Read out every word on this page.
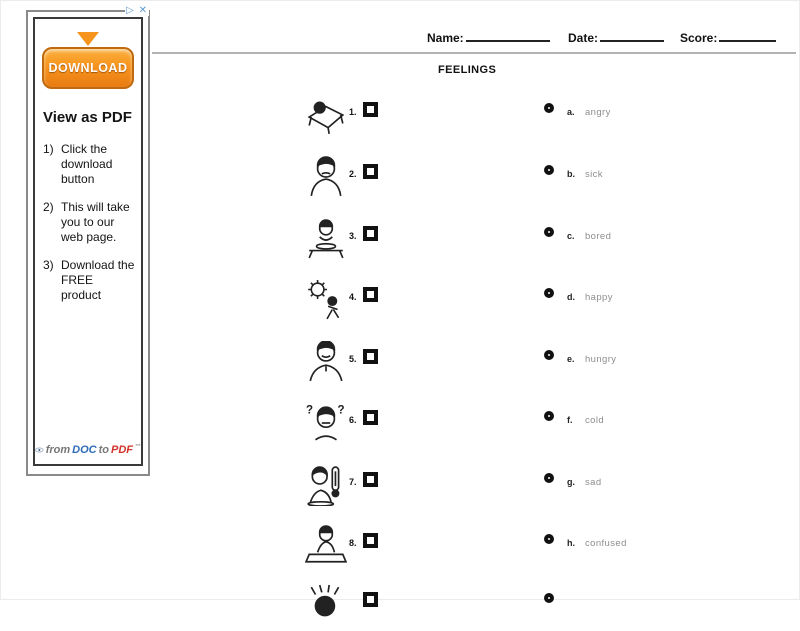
▷ ✕
DOWNLOAD
View as PDF
1) Click the download button
2) This will take you to our web page.
3) Download the FREE product
from DOC to PDF ™
Name:	Date:	Score:
FEELINGS
1.	a. angry
2.	b. sick
3.	c. bored
4.	d. happy
5.	e. hungry
? ?
6.	f. cold
7.	g. sad
8.	h. confused
